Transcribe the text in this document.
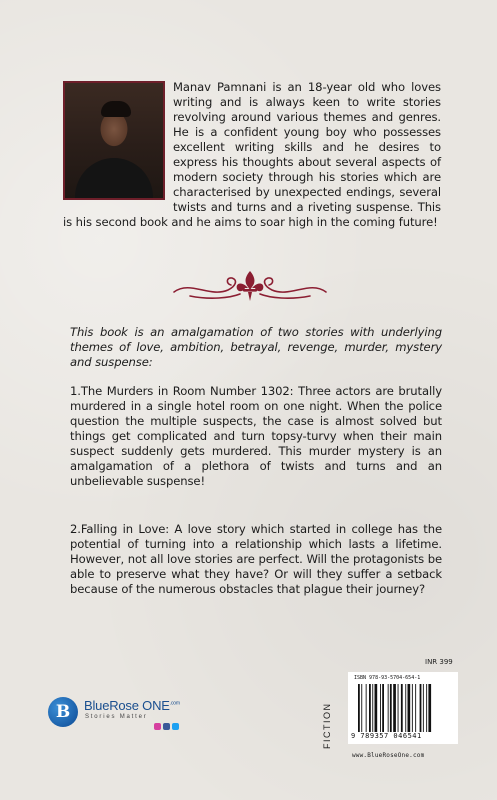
Manav Pamnani is an 18-year old who loves writing and is always keen to write stories revolving around various themes and genres. He is a confident young boy who possesses excellent writing skills and he desires to express his thoughts about several aspects of modern society through his stories which are characterised by unexpected endings, several twists and turns and a riveting suspense. This is his second book and he aims to soar high in the coming future!

This book is an amalgamation of two stories with underlying themes of love, ambition, betrayal, revenge, murder, mystery and suspense:

1.The Murders in Room Number 1302: Three actors are brutally murdered in a single hotel room on one night. When the police question the multiple suspects, the case is almost solved but things get complicated and turn topsy-turvy when their main suspect suddenly gets murdered. This murder mystery is an amalgamation of a plethora of twists and turns and an unbelievable suspense!

2.Falling in Love: A love story which started in college has the potential of turning into a relationship which lasts a lifetime. However, not all love stories are perfect. Will the protagonists be able to preserve what they have? Or will they suffer a setback because of the numerous obstacles that plague their journey?

INR 399
B	BlueRose $ONE^{.com}$
Stories Matter	FICTION
ISBN 978-93-5704-654-1
9 789357 046541
www.BlueRoseOne.com
